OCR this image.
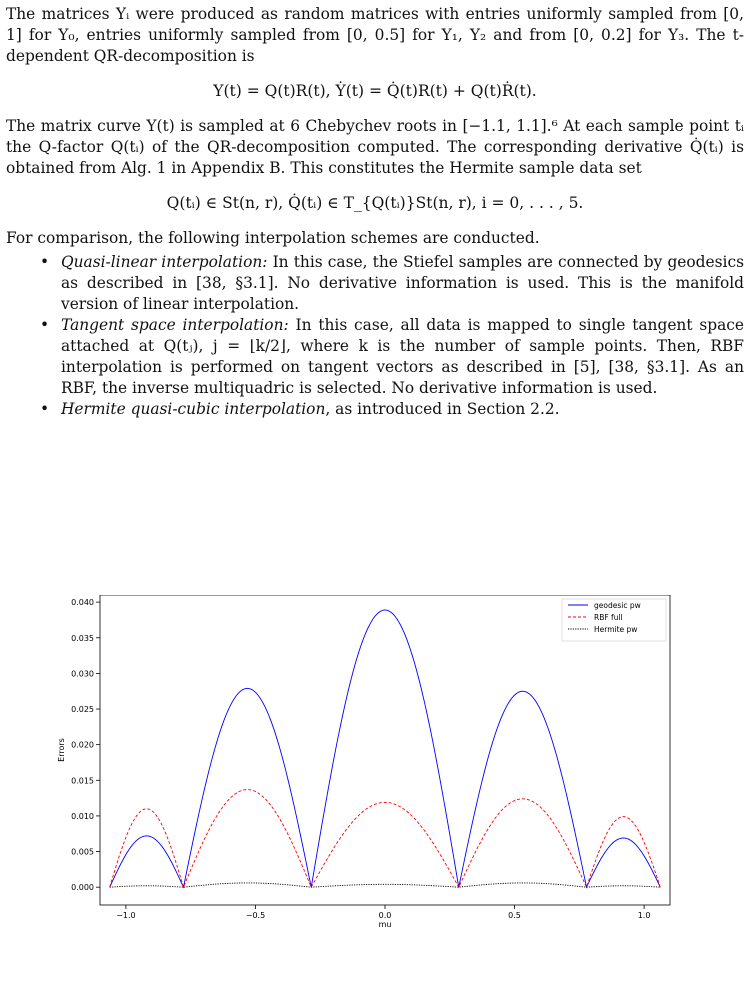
The matrices Yᵢ were produced as random matrices with entries uniformly sampled from [0, 1] for Y₀, entries uniformly sampled from [0, 0.5] for Y₁, Y₂ and from [0, 0.2] for Y₃. The t-dependent QR-decomposition is

Y(t) = Q(t)R(t), Ẏ(t) = Q̇(t)R(t) + Q(t)Ṙ(t).

The matrix curve Y(t) is sampled at 6 Chebychev roots in [−1.1, 1.1].⁶ At each sample point tᵢ the Q-factor Q(tᵢ) of the QR-decomposition computed. The corresponding derivative Q̇(tᵢ) is obtained from Alg. 1 in Appendix B. This constitutes the Hermite sample data set

Q(tᵢ) ∈ St(n, r), Q̇(tᵢ) ∈ T_{Q(tᵢ)}St(n, r), i = 0, . . . , 5.

For comparison, the following interpolation schemes are conducted.

• Quasi-linear interpolation: In this case, the Stiefel samples are connected by geodesics as described in [38, §3.1]. No derivative information is used. This is the manifold version of linear interpolation.
• Tangent space interpolation: In this case, all data is mapped to single tangent space attached at Q(tⱼ), j = ⌊k/2⌋, where k is the number of sample points. Then, RBF interpolation is performed on tangent vectors as described in [5], [38, §3.1]. As an RBF, the inverse multiquadric is selected. No derivative information is used.
• Hermite quasi-cubic interpolation, as introduced in Section 2.2.
0.000
0.005
0.010
0.015
0.020
0.025
0.030
0.035
0.040
−1.0	−0.5	0.0	0.5	1.0
mu
Errors
geodesic pw
RBF full
Hermite pw
